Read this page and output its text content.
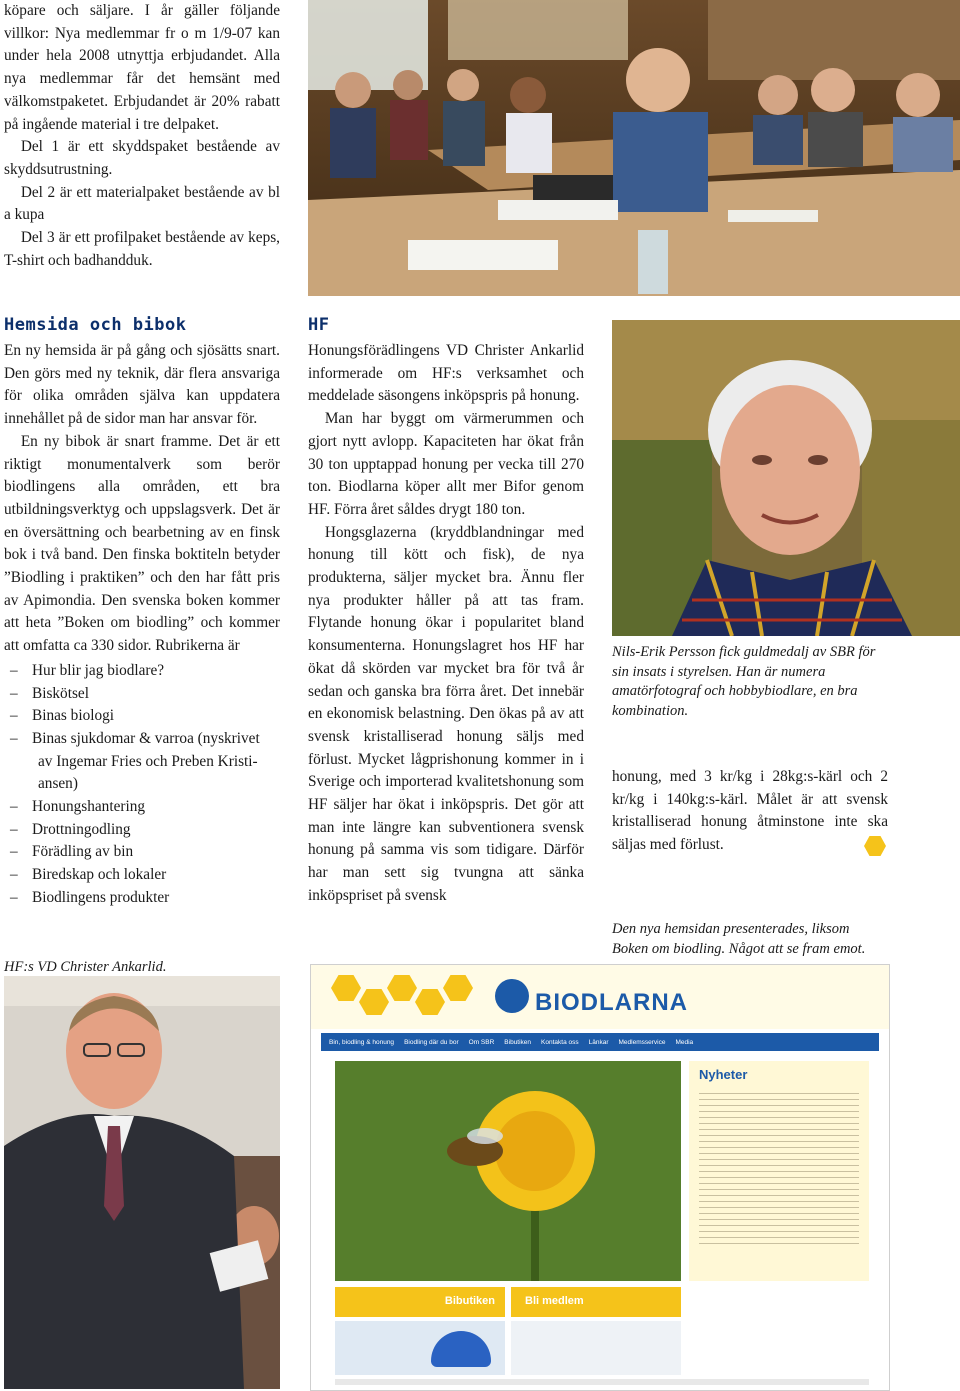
köpare och säljare. I år gäller följande villkor: Nya medlemmar fr o m 1/9-07 kan under hela 2008 utnyttja erbjudandet. Alla nya medlemmar får det hemsänt med välkomstpaketet. Erbjudandet är 20% rabatt på ingående material i tre delpaket.

Del 1 är ett skyddspaket bestående av skyddsutrustning.

Del 2 är ett materialpaket bestående av bl a kupa

Del 3 är ett profilpaket bestående av keps, T-shirt och badhandduk.

Hemsida och bibok

En ny hemsida är på gång och sjösätts snart. Den görs med ny teknik, där flera ansvariga för olika områden själva kan uppdatera innehållet på de sidor man har ansvar för.

En ny bibok är snart framme. Det är ett riktigt monumentalverk som berör biodlingens alla områden, ett bra utbildningsverktyg och uppslagsverk. Det är en översättning och bearbetning av en finsk bok i två band. Den finska boktiteln betyder ”Biodling i praktiken” och den har fått pris av Apimondia. Den svenska boken kommer att heta ”Boken om biodling” och kommer att omfatta ca 330 sidor. Rubrikerna är

– Hur blir jag biodlare?
– Biskötsel
– Binas biologi
– Binas sjukdomar & varroa (nyskrivet
av Ingemar Fries och Preben Kristi-
ansen)
– Honungshantering
– Drottningodling
– Förädling av bin
– Biredskap och lokaler
– Biodlingens produkter
HF

Honungsförädlingens VD Christer Ankarlid informerade om HF:s verksamhet och meddelade säsongens inköpspris på honung.

Man har byggt om värmerummen och gjort nytt avlopp. Kapaciteten har ökat från 30 ton upptappad honung per vecka till 270 ton. Biodlarna köper allt mer Bifor genom HF. Förra året såldes drygt 180 ton.

Hongsglazerna (kryddblandningar med honung till kött och fisk), de nya produkterna, säljer mycket bra. Ännu fler nya produkter håller på att tas fram. Flytande honung ökar i popularitet bland konsumenterna. Honungslagret hos HF har ökat då skörden var mycket bra för två år sedan och ganska bra förra året. Det innebär en ekonomisk belastning. Den ökas på av att svensk kristalliserad honung säljs med förlust. Mycket lågprishonung kommer in i Sverige och importerad kvalitetshonung som HF säljer har ökat i inköpspris. Det gör att man inte längre kan subventionera svensk honung på samma vis som tidigare. Därför har man sett sig tvungna att sänka inköpspriset på svensk

Nils-Erik Persson fick guldmedalj av SBR för sin insats i styrelsen. Han är numera amatörfotograf och hobbybiodlare, en bra kombination.

honung, med 3 kr/kg i 28kg:s-kärl och 2 kr/kg i 140kg:s-kärl. Målet är att svensk kristalliserad honung åtminstone inte ska säljas med förlust.

Den nya hemsidan presenterades, liksom Boken om biodling. Något att se fram emot.

HF:s VD Christer Ankarlid.

BIODLARNA
Bin, biodling & honung Biodling där du bor Om SBR Bibutiken Kontakta oss Länkar Medlemsservice Media
Nyheter
Bibutiken	Bli medlem
